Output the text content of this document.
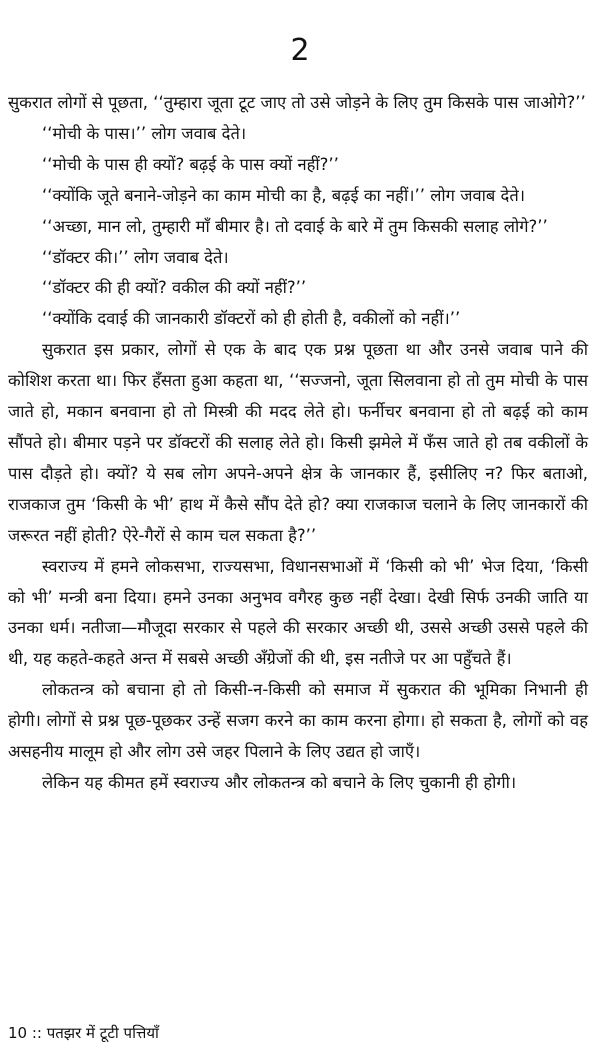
2

सुकरात लोगों से पूछता, ‘‘तुम्हारा जूता टूट जाए तो उसे जोड़ने के लिए तुम किसके पास जाओगे?’’

‘‘मोची के पास।’’ लोग जवाब देते।

‘‘मोची के पास ही क्यों? बढ़ई के पास क्यों नहीं?’’

‘‘क्योंकि जूते बनाने-जोड़ने का काम मोची का है, बढ़ई का नहीं।’’ लोग जवाब देते।

‘‘अच्छा, मान लो, तुम्हारी माँ बीमार है। तो दवाई के बारे में तुम किसकी सलाह लोगे?’’

‘‘डॉक्टर की।’’ लोग जवाब देते।

‘‘डॉक्टर की ही क्यों? वकील की क्यों नहीं?’’

‘‘क्योंकि दवाई की जानकारी डॉक्टरों को ही होती है, वकीलों को नहीं।’’

सुकरात इस प्रकार, लोगों से एक के बाद एक प्रश्न पूछता था और उनसे जवाब पाने की कोशिश करता था। फिर हँसता हुआ कहता था, ‘‘सज्जनो, जूता सिलवाना हो तो तुम मोची के पास जाते हो, मकान बनवाना हो तो मिस्त्री की मदद लेते हो। फर्नीचर बनवाना हो तो बढ़ई को काम सौंपते हो। बीमार पड़ने पर डॉक्टरों की सलाह लेते हो। किसी झमेले में फँस जाते हो तब वकीलों के पास दौड़ते हो। क्यों? ये सब लोग अपने-अपने क्षेत्र के जानकार हैं, इसीलिए न? फिर बताओ, राजकाज तुम ‘किसी के भी’ हाथ में कैसे सौंप देते हो? क्या राजकाज चलाने के लिए जानकारों की जरूरत नहीं होती? ऐरे-गैरों से काम चल सकता है?’’

स्वराज्य में हमने लोकसभा, राज्यसभा, विधानसभाओं में ‘किसी को भी’ भेज दिया, ‘किसी को भी’ मन्त्री बना दिया। हमने उनका अनुभव वगैरह कुछ नहीं देखा। देखी सिर्फ उनकी जाति या उनका धर्म। नतीजा—मौजूदा सरकार से पहले की सरकार अच्छी थी, उससे अच्छी उससे पहले की थी, यह कहते-कहते अन्त में सबसे अच्छी अँग्रेजों की थी, इस नतीजे पर आ पहुँचते हैं।

लोकतन्त्र को बचाना हो तो किसी-न-किसी को समाज में सुकरात की भूमिका निभानी ही होगी। लोगों से प्रश्न पूछ-पूछकर उन्हें सजग करने का काम करना होगा। हो सकता है, लोगों को वह असहनीय मालूम हो और लोग उसे जहर पिलाने के लिए उद्यत हो जाएँ।

लेकिन यह कीमत हमें स्वराज्य और लोकतन्त्र को बचाने के लिए चुकानी ही होगी।

10 :: पतझर में टूटी पत्तियाँ
